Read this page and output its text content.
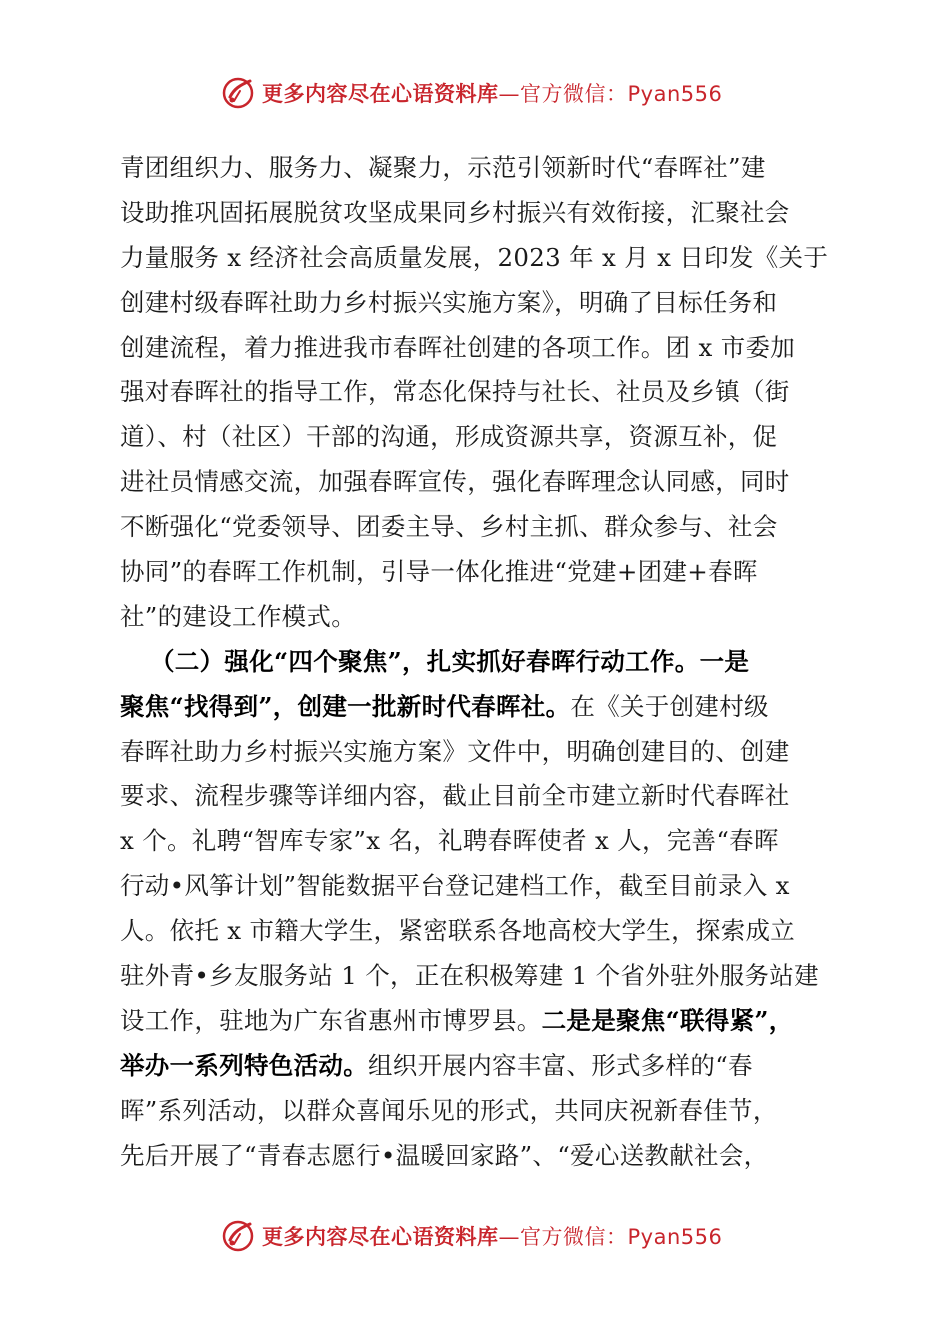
更多内容尽在心语资料库—官方微信：Pyan556
青团组织力、服务力、凝聚力，示范引领新时代“春晖社”建
设助推巩固拓展脱贫攻坚成果同乡村振兴有效衔接，汇聚社会
力量服务 x 经济社会高质量发展，2023 年 x 月 x 日印发《关于
创建村级春晖社助力乡村振兴实施方案》，明确了目标任务和
创建流程，着力推进我市春晖社创建的各项工作。团 x 市委加
强对春晖社的指导工作，常态化保持与社长、社员及乡镇（街
道）、村（社区）干部的沟通，形成资源共享，资源互补，促
进社员情感交流，加强春晖宣传，强化春晖理念认同感，同时
不断强化“党委领导、团委主导、乡村主抓、群众参与、社会
协同”的春晖工作机制，引导一体化推进“党建+团建+春晖
社”的建设工作模式。
（二）强化“四个聚焦”，扎实抓好春晖行动工作。一是
聚焦“找得到”，创建一批新时代春晖社。在《关于创建村级
春晖社助力乡村振兴实施方案》文件中，明确创建目的、创建
要求、流程步骤等详细内容，截止目前全市建立新时代春晖社
x 个。礼聘“智库专家”x 名，礼聘春晖使者 x 人，完善“春晖
行动•风筝计划”智能数据平台登记建档工作，截至目前录入 x
人。依托 x 市籍大学生，紧密联系各地高校大学生，探索成立
驻外青•乡友服务站 1 个，正在积极筹建 1 个省外驻外服务站建
设工作，驻地为广东省惠州市博罗县。二是是聚焦“联得紧”，
举办一系列特色活动。组织开展内容丰富、形式多样的“春
晖”系列活动，以群众喜闻乐见的形式，共同庆祝新春佳节，
先后开展了“青春志愿行•温暖回家路”、“爱心送教献社会，
更多内容尽在心语资料库—官方微信：Pyan556
